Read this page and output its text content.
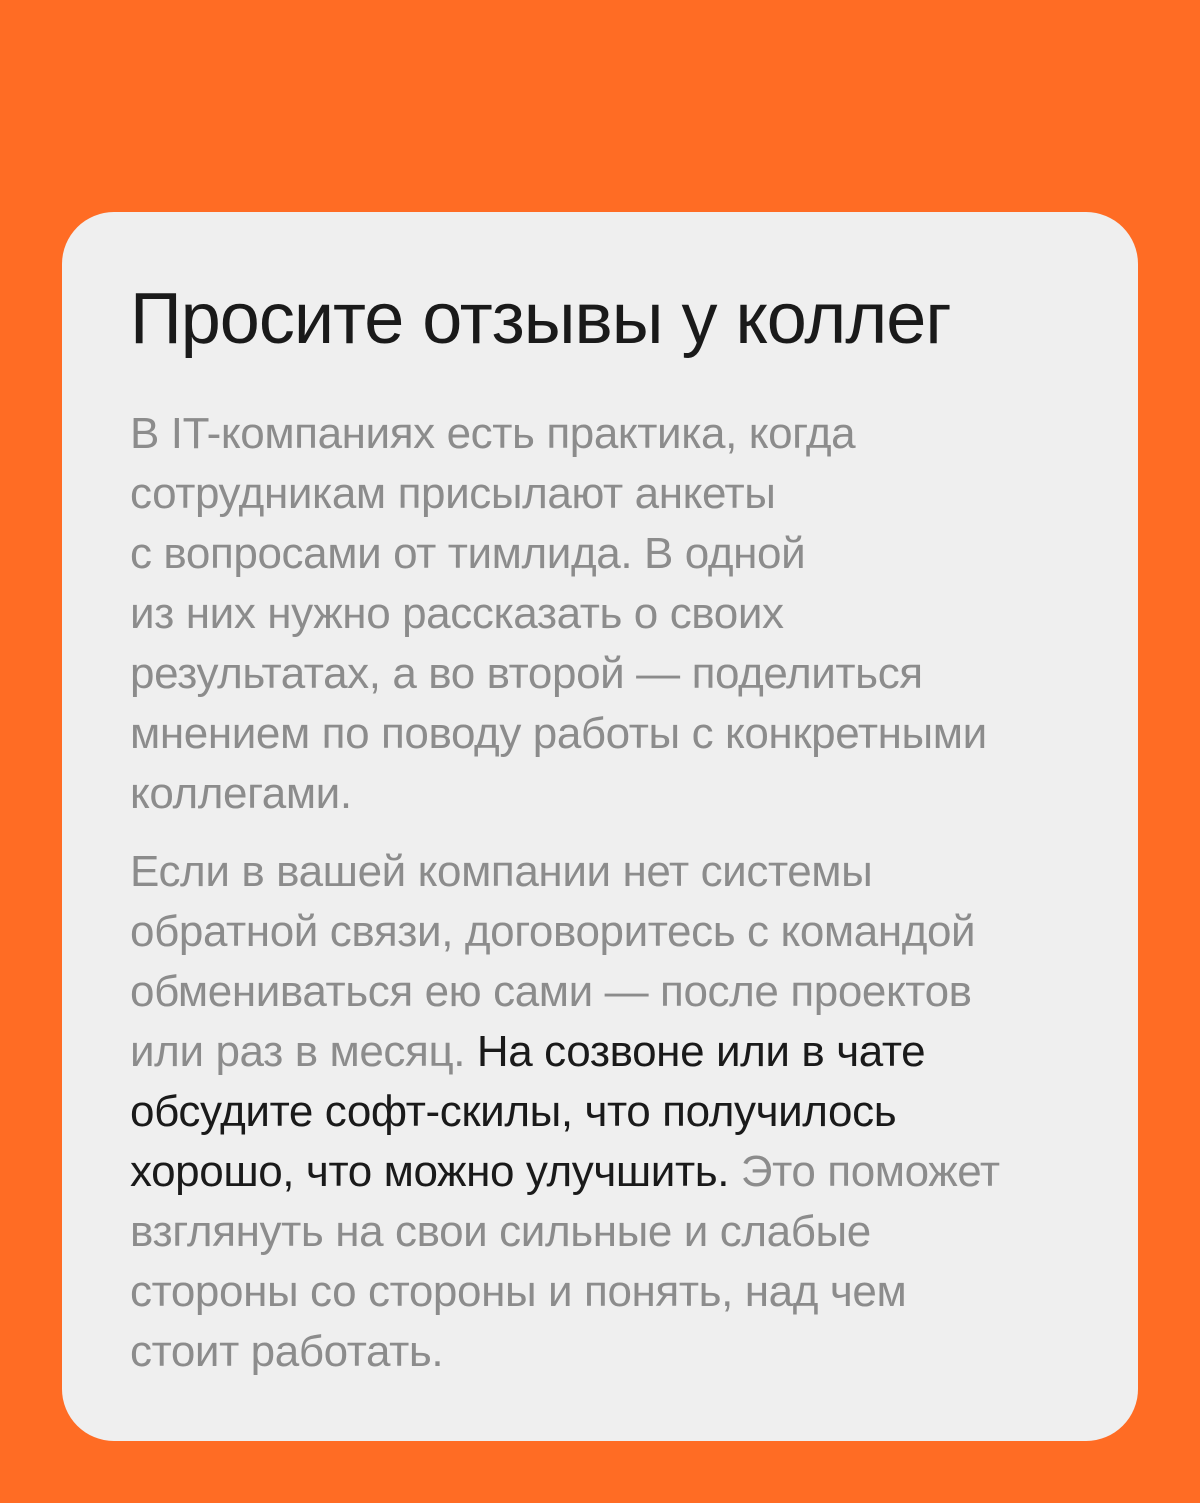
Просите отзывы у коллег

В IT-компаниях есть практика, когда
сотрудникам присылают анкеты
с вопросами от тимлида. В одной
из них нужно рассказать о своих
результатах, а во второй — поделиться
мнением по поводу работы с конкретными
коллегами.

Если в вашей компании нет системы
обратной связи, договоритесь с командой
обмениваться ею сами — после проектов
или раз в месяц. На созвоне или в чате
обсудите софт-скилы, что получилось
хорошо, что можно улучшить. Это поможет
взглянуть на свои сильные и слабые
стороны со стороны и понять, над чем
стоит работать.
